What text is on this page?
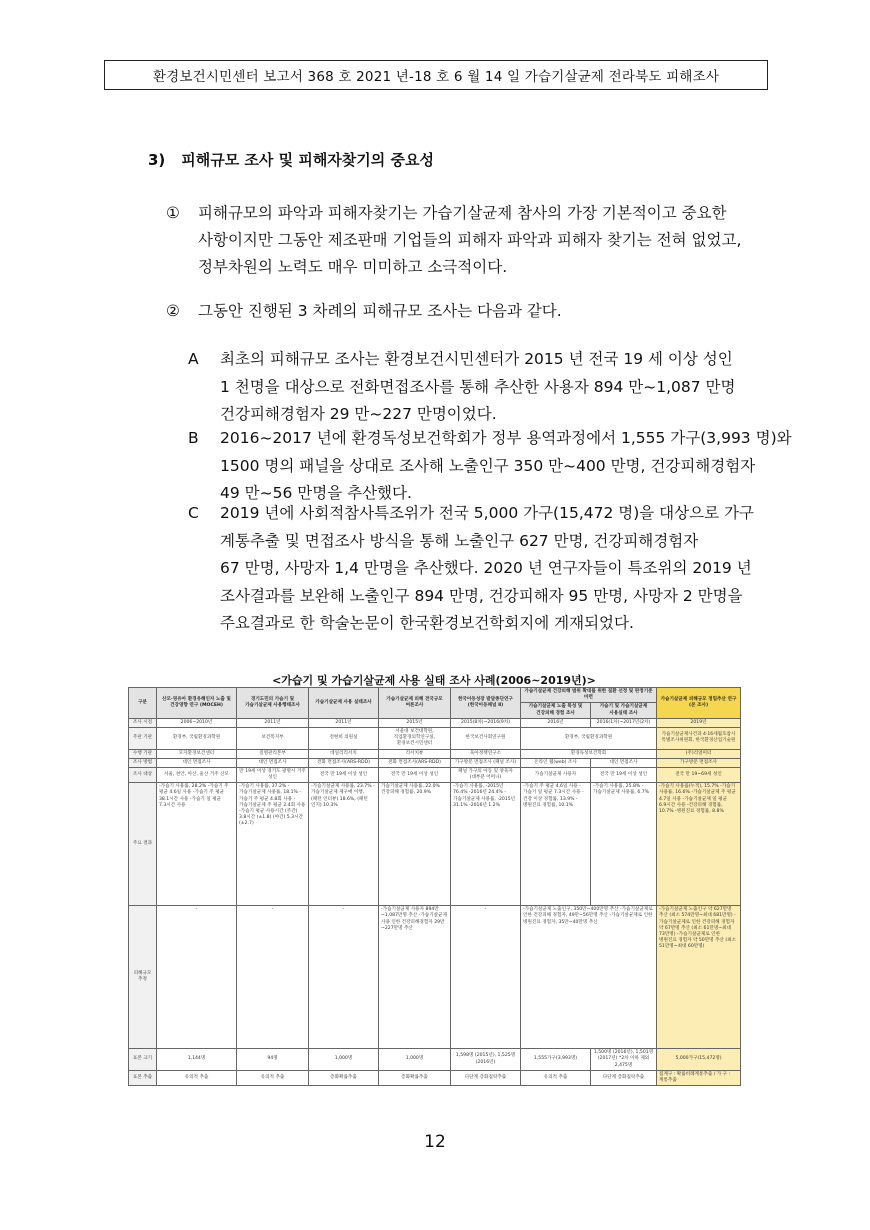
환경보건시민센터 보고서 368 호 2021 년-18 호 6 월 14 일 가습기살균제 전라북도 피해조사
3) 피해규모 조사 및 피해자찾기의 중요성
① 피해규모의 파악과 피해자찾기는 가습기살균제 참사의 가장 기본적이고 중요한
사항이지만 그동안 제조판매 기업들의 피해자 파악과 피해자 찾기는 전혀 없었고,
정부차원의 노력도 매우 미미하고 소극적이다.
② 그동안 진행된 3 차례의 피해규모 조사는 다음과 같다.
A 최초의 피해규모 조사는 환경보건시민센터가 2015 년 전국 19 세 이상 성인
1 천명을 대상으로 전화면접조사를 통해 추산한 사용자 894 만~1,087 만명
건강피해경험자 29 만~227 만명이었다.
B 2016~2017 년에 환경독성보건학회가 정부 용역과정에서 1,555 가구(3,993 명)와
1500 명의 패널을 상대로 조사해 노출인구 350 만~400 만명, 건강피해경험자
49 만~56 만명을 추산했다.
C 2019 년에 사회적참사특조위가 전국 5,000 가구(15,472 명)을 대상으로 가구
계통추출 및 면접조사 방식을 통해 노출인구 627 만명, 건강피해경험자
67 만명, 사망자 1,4 만명을 추산했다. 2020 년 연구자들이 특조위의 2019 년
조사결과를 보완해 노출인구 894 만명, 건강피해자 95 만명, 사망자 2 만명을
주요결과로 한 학술논문이 한국환경보건학회지에 게재되었다.
<가습기 및 가습기살균제 사용 실태 조사 사례(2006~2019년)>
구분	산모·영유아 환경유해인자 노출 및 건강영향 연구 (MOCEH)	경기도민의 가습기 및 가습기살균제 사용행태조사	가습기살균제 사용 실태조사	가습기살균제 피해 전국규모 여론조사	한국아동성장 발달종단연구 (한국아동패널 Ⅱ)	가습기살균제 건강피해 범위 확대를 위한 질환 선정 및 판정기준 마련		가습기살균제 피해규모 정밀추산 연구 (본 조사)
						가습기살균제 노출 특성 및 건강피해 경험 조사	가습기 및 가습기살균제 사용실태 조사	
조사 시점	2006~2010년	2011년	2011년	2015년	2015(8차)~2016(9차)	2016년	2016(1차)~2017년(2차)	2019년
주관 기관	환경부, 국립환경과학원	보건복지부	전현희 의원실	서울대 보건대학원, 직업환경의학연구실, 환경보건시민센터	한국보건사회연구원	환경부, 국립환경과학원		가습기살균제사건과 4·16세월호참사 특별조사위원회, 한국환경산업기술원
수행 기관	모자환경보건센터	질병관리본부	데일리리서치	리서치뷰	육아정책연구소	환경독성보건학회		(주)리얼미터
조사 방법	대인 면접조사	대인 면접조사	전화 면접조사(ARS-RDD)	전화 면접조사(ARS-RDD)	가구방문 면접조사 (패널 조사)	온라인 웹(web) 조사	대인 면접조사	가구방문 면접조사
조사 대상	서울, 천안, 아산, 울산 거주 산모	만 19세 이상 경기도 광명시 거주 성인	전국 만 19세 이상 성인	전국 만 19세 이상 성인	패널 가구의 아동 및 양육자(대부분 어머니)	가습기살균제 사용자	전국 만 19세 이상 성인	전국 만 19~69세 성인
주요 결과	-가습기 사용률, 28.2% -가습기 주 평균 4.6일 사용 -가습기 주 평균 38.1시간 사용 -가습기 일 평균 7.3시간 사용	-가습기 사용률, 37.2% -가습기살균제 사용률, 18.1% -가습기 주 평균 4.8회 사용 -가습기살균제 주 평균 2.4회 사용 -가습기 평균 사용시간 (주간) 3.8시간 (±1.8) (야간) 5.3시간 (±2.7)	-가습기살균제 사용률, 23.7% -가습기살균제 제구매 이행, (패턴 인터뷰) 18.6%, (패턴 인지) 10.3%	가습기살균제 사용률, 22.0% 건강피해 경험률, 20.9%	-가습기 사용률, -2015년 76.4% -2016년 24.4% -가습기살균제 사용률, -2015년 31.1% -2016년 1.2%	-가습기 주 평균 4.6일 사용 -가습기 일 평균 7.3시간 사용 -건강 이상 경험률, 13.9% -병원진료 경험률, 10.1%	-가습기 사용률, 25.8% -가습기살균제 사용률, 6.7%	-가습기 사용률(누적), 15.7% -가습기 사용률, 16.6% -가습기살균제 주 평균 4.7일 사용 -가습기살균제 일 평균 6.9시간 사용 -건강피해 경험률, 10.7% -병원진료 경험률, 8.8%
피해규모 추정	-	-	-	-가습기살균제 사용자 894만~1,087만명 추산 -가습기살균제 사용 인한 건강피해경험자 29만~227만명 추산	-	-가습기살균제 노출인구, 350만~400만명 추산 -가습기살균제로 인한 건강피해 경험자, 49만~56만명 추산 -가습기살균제로 인한 병원진료 경험자, 35만~40만명 추산		-가습기살균제 노출인구 약 627만명 추산 (최소 574만명~최대 681만명) -가습기살균제로 인한 건강피해 경험자 약 67만명 추산 (최소 61만명~최대 73만명) -가습기살균제로 인한 병원진료 경험자 약 50만명 추산 (최소 51만명~최대 60만명)
표본 크기	1,144명	94명	1,000명	1,000명	1,598명 (2015년), 1,525명 (2016년)	1,555가구(3,993명)	1,500명 (2016년), 1,501명 (2017년) *2차 이하 제외 2,475명	5,000가구(15,472명)
표본 추출	유의적 추출	유의적 추출	층화확률추출	층화확률추출	다단계 층화집락추출	유의적 추출	다단계 층화집락추출	집계구 : 확률비례계통추출 / 가 구 : 계통추출
12
